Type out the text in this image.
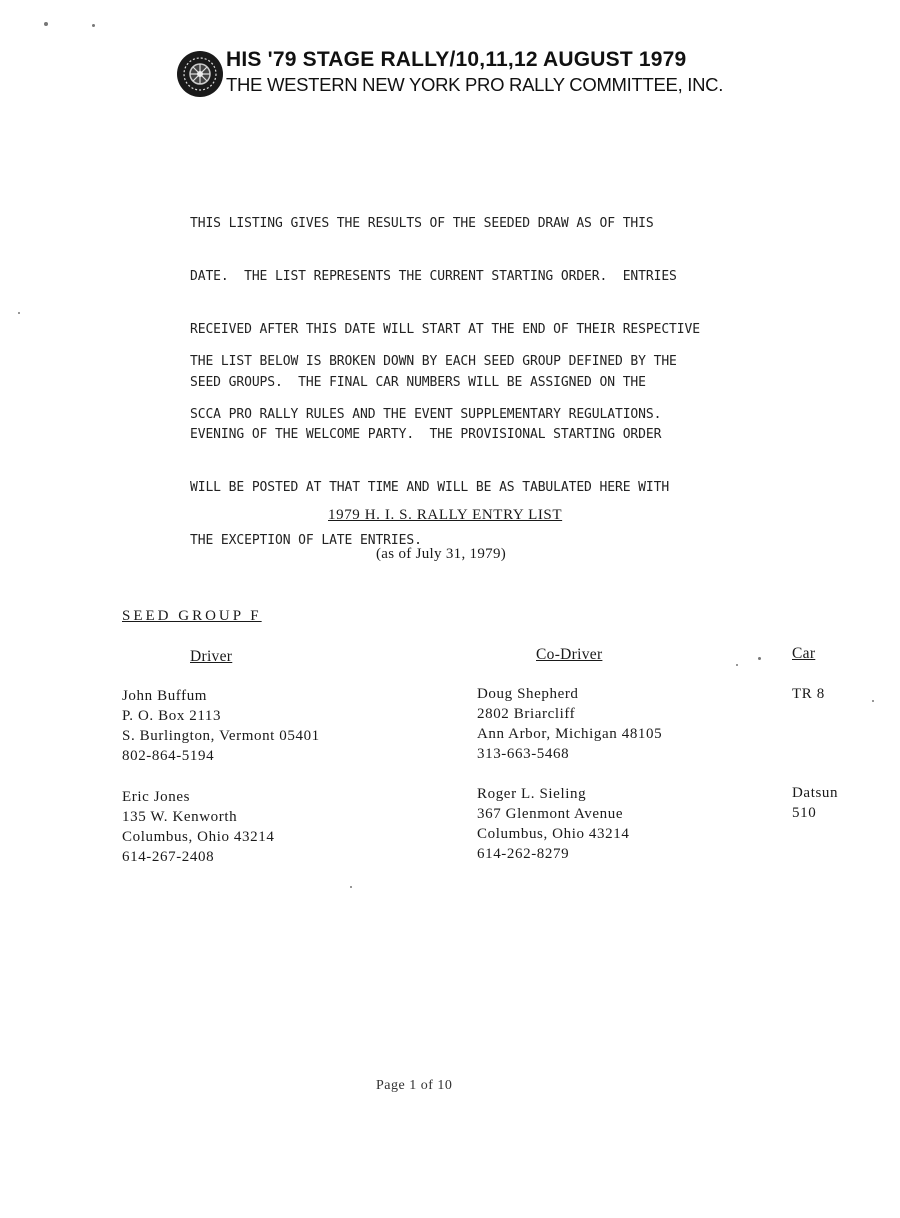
HIS '79 STAGE RALLY/10,11,12 AUGUST 1979
THE WESTERN NEW YORK PRO RALLY COMMITTEE, INC.

THIS LISTING GIVES THE RESULTS OF THE SEEDED DRAW AS OF THIS

DATE.  THE LIST REPRESENTS THE CURRENT STARTING ORDER.  ENTRIES

RECEIVED AFTER THIS DATE WILL START AT THE END OF THEIR RESPECTIVE

SEED GROUPS.  THE FINAL CAR NUMBERS WILL BE ASSIGNED ON THE

EVENING OF THE WELCOME PARTY.  THE PROVISIONAL STARTING ORDER

WILL BE POSTED AT THAT TIME AND WILL BE AS TABULATED HERE WITH

THE EXCEPTION OF LATE ENTRIES.

THE LIST BELOW IS BROKEN DOWN BY EACH SEED GROUP DEFINED BY THE

SCCA PRO RALLY RULES AND THE EVENT SUPPLEMENTARY REGULATIONS.

1979 H. I. S. RALLY ENTRY LIST
(as of July 31, 1979)
SEED GROUP F
Driver	Co-Driver	Car
John Buffum
P. O. Box 2113
S. Burlington, Vermont 05401
802-864-5194
Doug Shepherd
2802 Briarcliff
Ann Arbor, Michigan 48105
313-663-5468
TR 8
Eric Jones
135 W. Kenworth
Columbus, Ohio 43214
614-267-2408
Roger L. Sieling
367 Glenmont Avenue
Columbus, Ohio 43214
614-262-8279
Datsun
510
Page 1 of 10
